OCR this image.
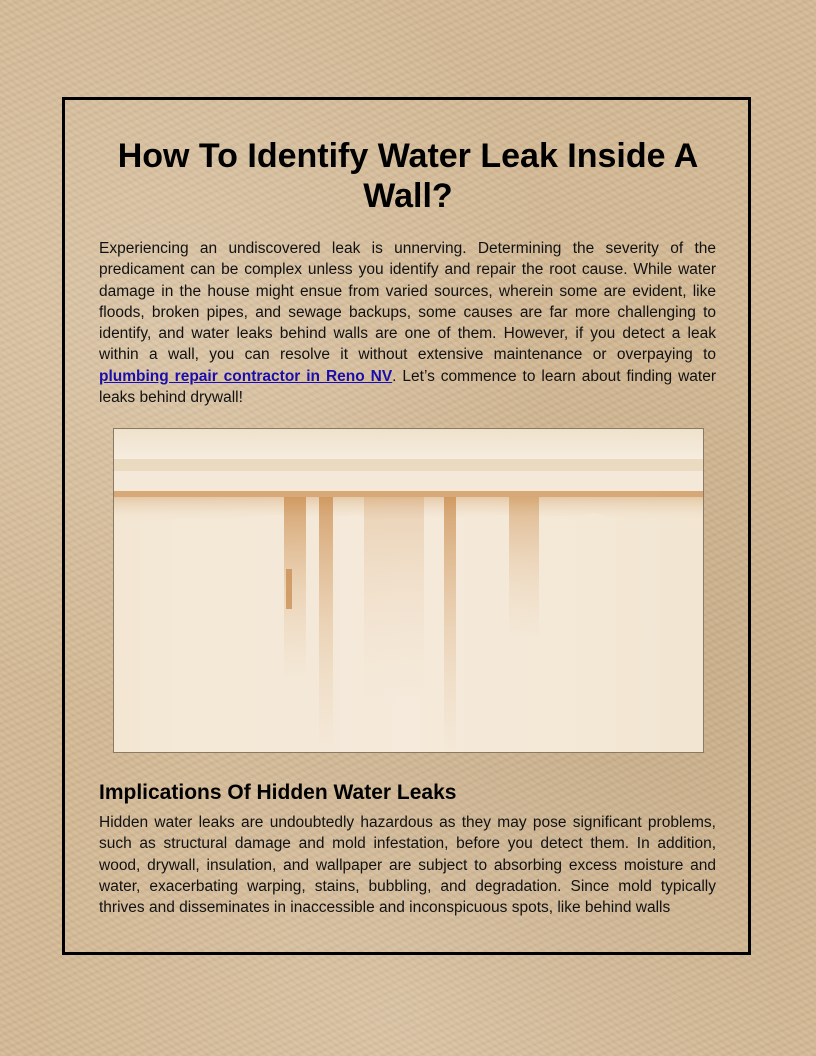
How To Identify Water Leak Inside A Wall?

Experiencing an undiscovered leak is unnerving. Determining the severity of the predicament can be complex unless you identify and repair the root cause. While water damage in the house might ensue from varied sources, wherein some are evident, like floods, broken pipes, and sewage backups, some causes are far more challenging to identify, and water leaks behind walls are one of them. However, if you detect a leak within a wall, you can resolve it without extensive maintenance or overpaying to plumbing repair contractor in Reno NV. Let’s commence to learn about finding water leaks behind drywall!

Implications Of Hidden Water Leaks

Hidden water leaks are undoubtedly hazardous as they may pose significant problems, such as structural damage and mold infestation, before you detect them. In addition, wood, drywall, insulation, and wallpaper are subject to absorbing excess moisture and water, exacerbating warping, stains, bubbling, and degradation. Since mold typically thrives and disseminates in inaccessible and inconspicuous spots, like behind walls
